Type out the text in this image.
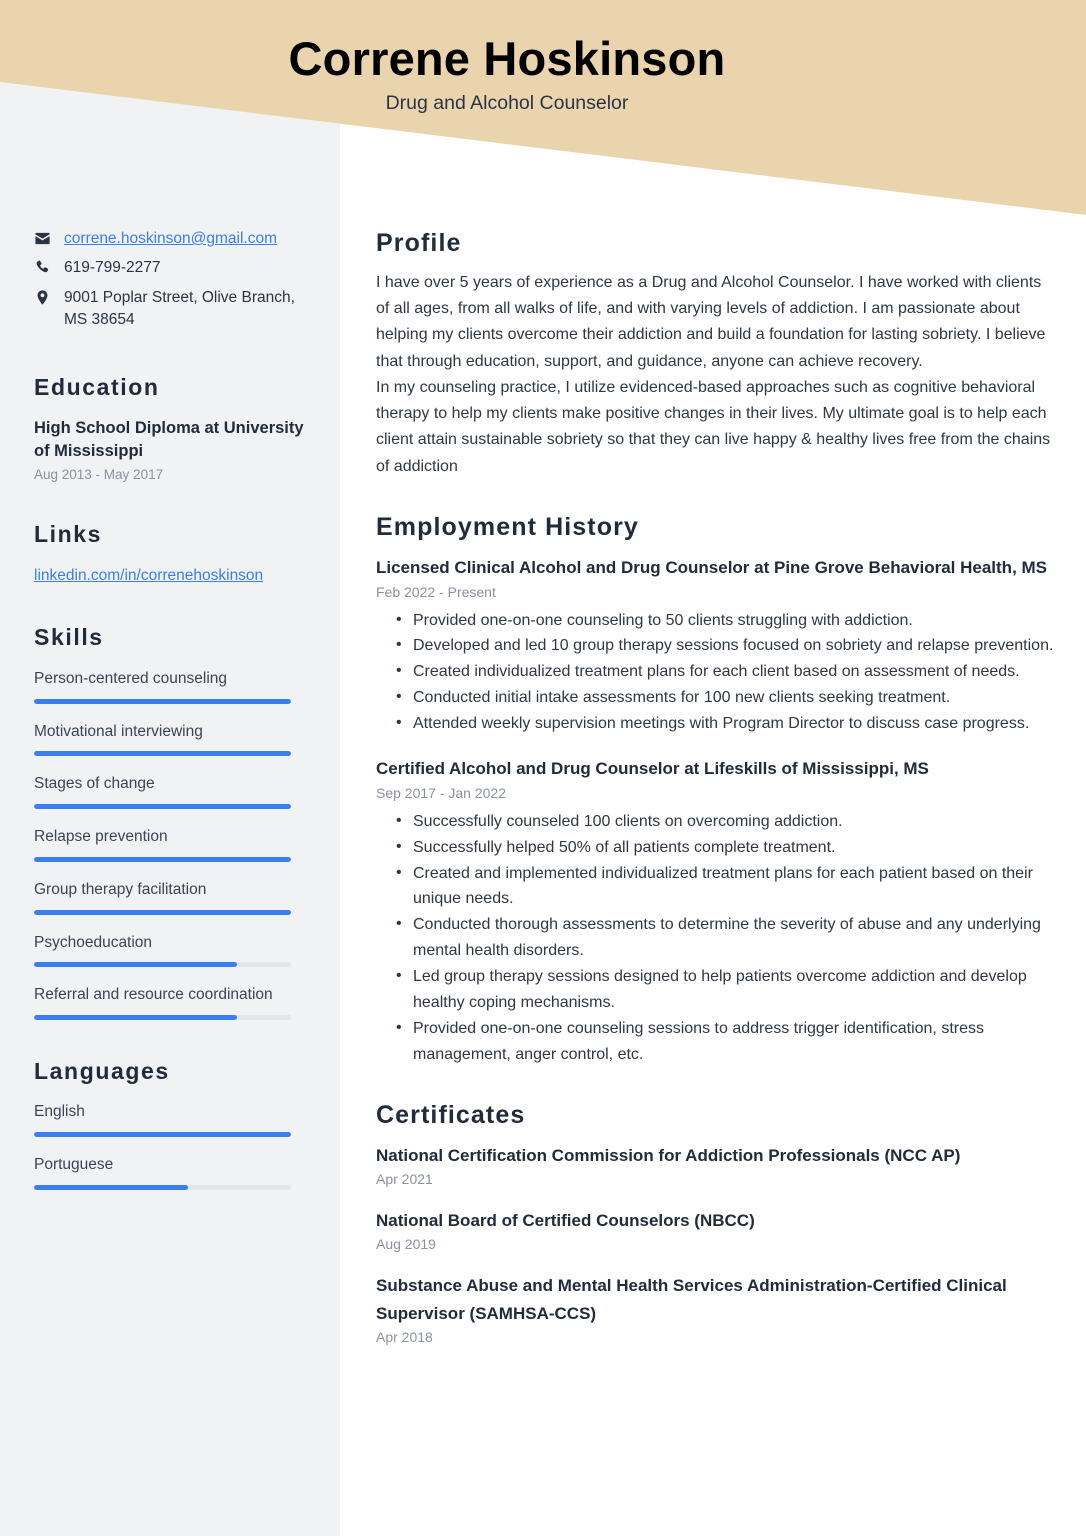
Correne Hoskinson
Drug and Alcohol Counselor
correne.hoskinson@gmail.com
619-799-2277
9001 Poplar Street, Olive Branch, MS 38654
Education
High School Diploma at University of Mississippi
Aug 2013 - May 2017
Links
linkedin.com/in/correnehoskinson
Skills
Person-centered counseling
Motivational interviewing
Stages of change
Relapse prevention
Group therapy facilitation
Psychoeducation
Referral and resource coordination
Languages
English
Portuguese
Profile

I have over 5 years of experience as a Drug and Alcohol Counselor. I have worked with clients of all ages, from all walks of life, and with varying levels of addiction. I am passionate about helping my clients overcome their addiction and build a foundation for lasting sobriety. I believe that through education, support, and guidance, anyone can achieve recovery.

In my counseling practice, I utilize evidenced-based approaches such as cognitive behavioral therapy to help my clients make positive changes in their lives. My ultimate goal is to help each client attain sustainable sobriety so that they can live happy & healthy lives free from the chains of addiction

Employment History
Licensed Clinical Alcohol and Drug Counselor at Pine Grove Behavioral Health, MS
Feb 2022 - Present
• Provided one-on-one counseling to 50 clients struggling with addiction.
• Developed and led 10 group therapy sessions focused on sobriety and relapse prevention.
• Created individualized treatment plans for each client based on assessment of needs.
• Conducted initial intake assessments for 100 new clients seeking treatment.
• Attended weekly supervision meetings with Program Director to discuss case progress.
Certified Alcohol and Drug Counselor at Lifeskills of Mississippi, MS
Sep 2017 - Jan 2022
• Successfully counseled 100 clients on overcoming addiction.
• Successfully helped 50% of all patients complete treatment.
• Created and implemented individualized treatment plans for each patient based on their unique needs.
• Conducted thorough assessments to determine the severity of abuse and any underlying mental health disorders.
• Led group therapy sessions designed to help patients overcome addiction and develop healthy coping mechanisms.
• Provided one-on-one counseling sessions to address trigger identification, stress management, anger control, etc.
Certificates
National Certification Commission for Addiction Professionals (NCC AP)
Apr 2021
National Board of Certified Counselors (NBCC)
Aug 2019
Substance Abuse and Mental Health Services Administration-Certified Clinical Supervisor (SAMHSA-CCS)
Apr 2018
